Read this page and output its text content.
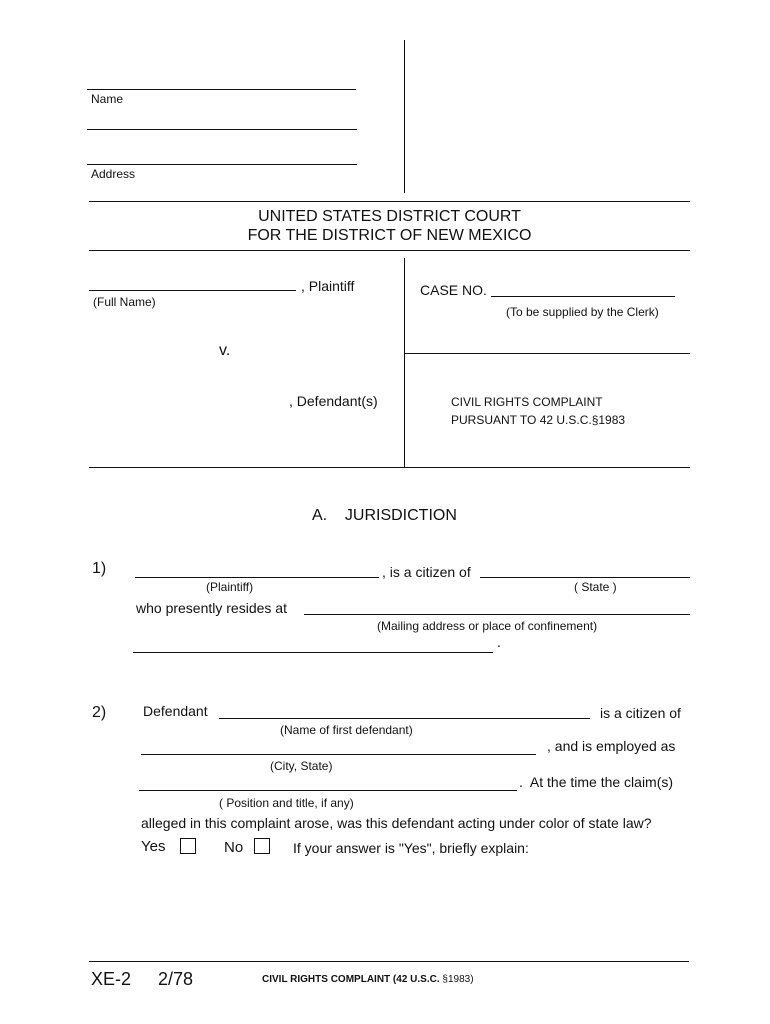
Name
Address
UNITED STATES DISTRICT COURT
FOR THE DISTRICT OF NEW MEXICO
, Plaintiff
(Full Name)
CASE NO.
(To be supplied by the Clerk)
v.
, Defendant(s)	CIVIL RIGHTS COMPLAINT
PURSUANT TO 42 U.S.C.§1983
A.    JURISDICTION
1)	, is a citizen of
(Plaintiff)	( State )
who presently resides at
(Mailing address or place of confinement)
.
2)	Defendant	is a citizen of
(Name of first defendant)
, and is employed as
(City, State)
.  At the time the claim(s)
( Position and title, if any)
alleged in this complaint arose, was this defendant acting under color of state law?
Yes	No	If your answer is "Yes", briefly explain:
XE-2 2/78	CIVIL RIGHTS COMPLAINT (42 U.S.C. §1983)
